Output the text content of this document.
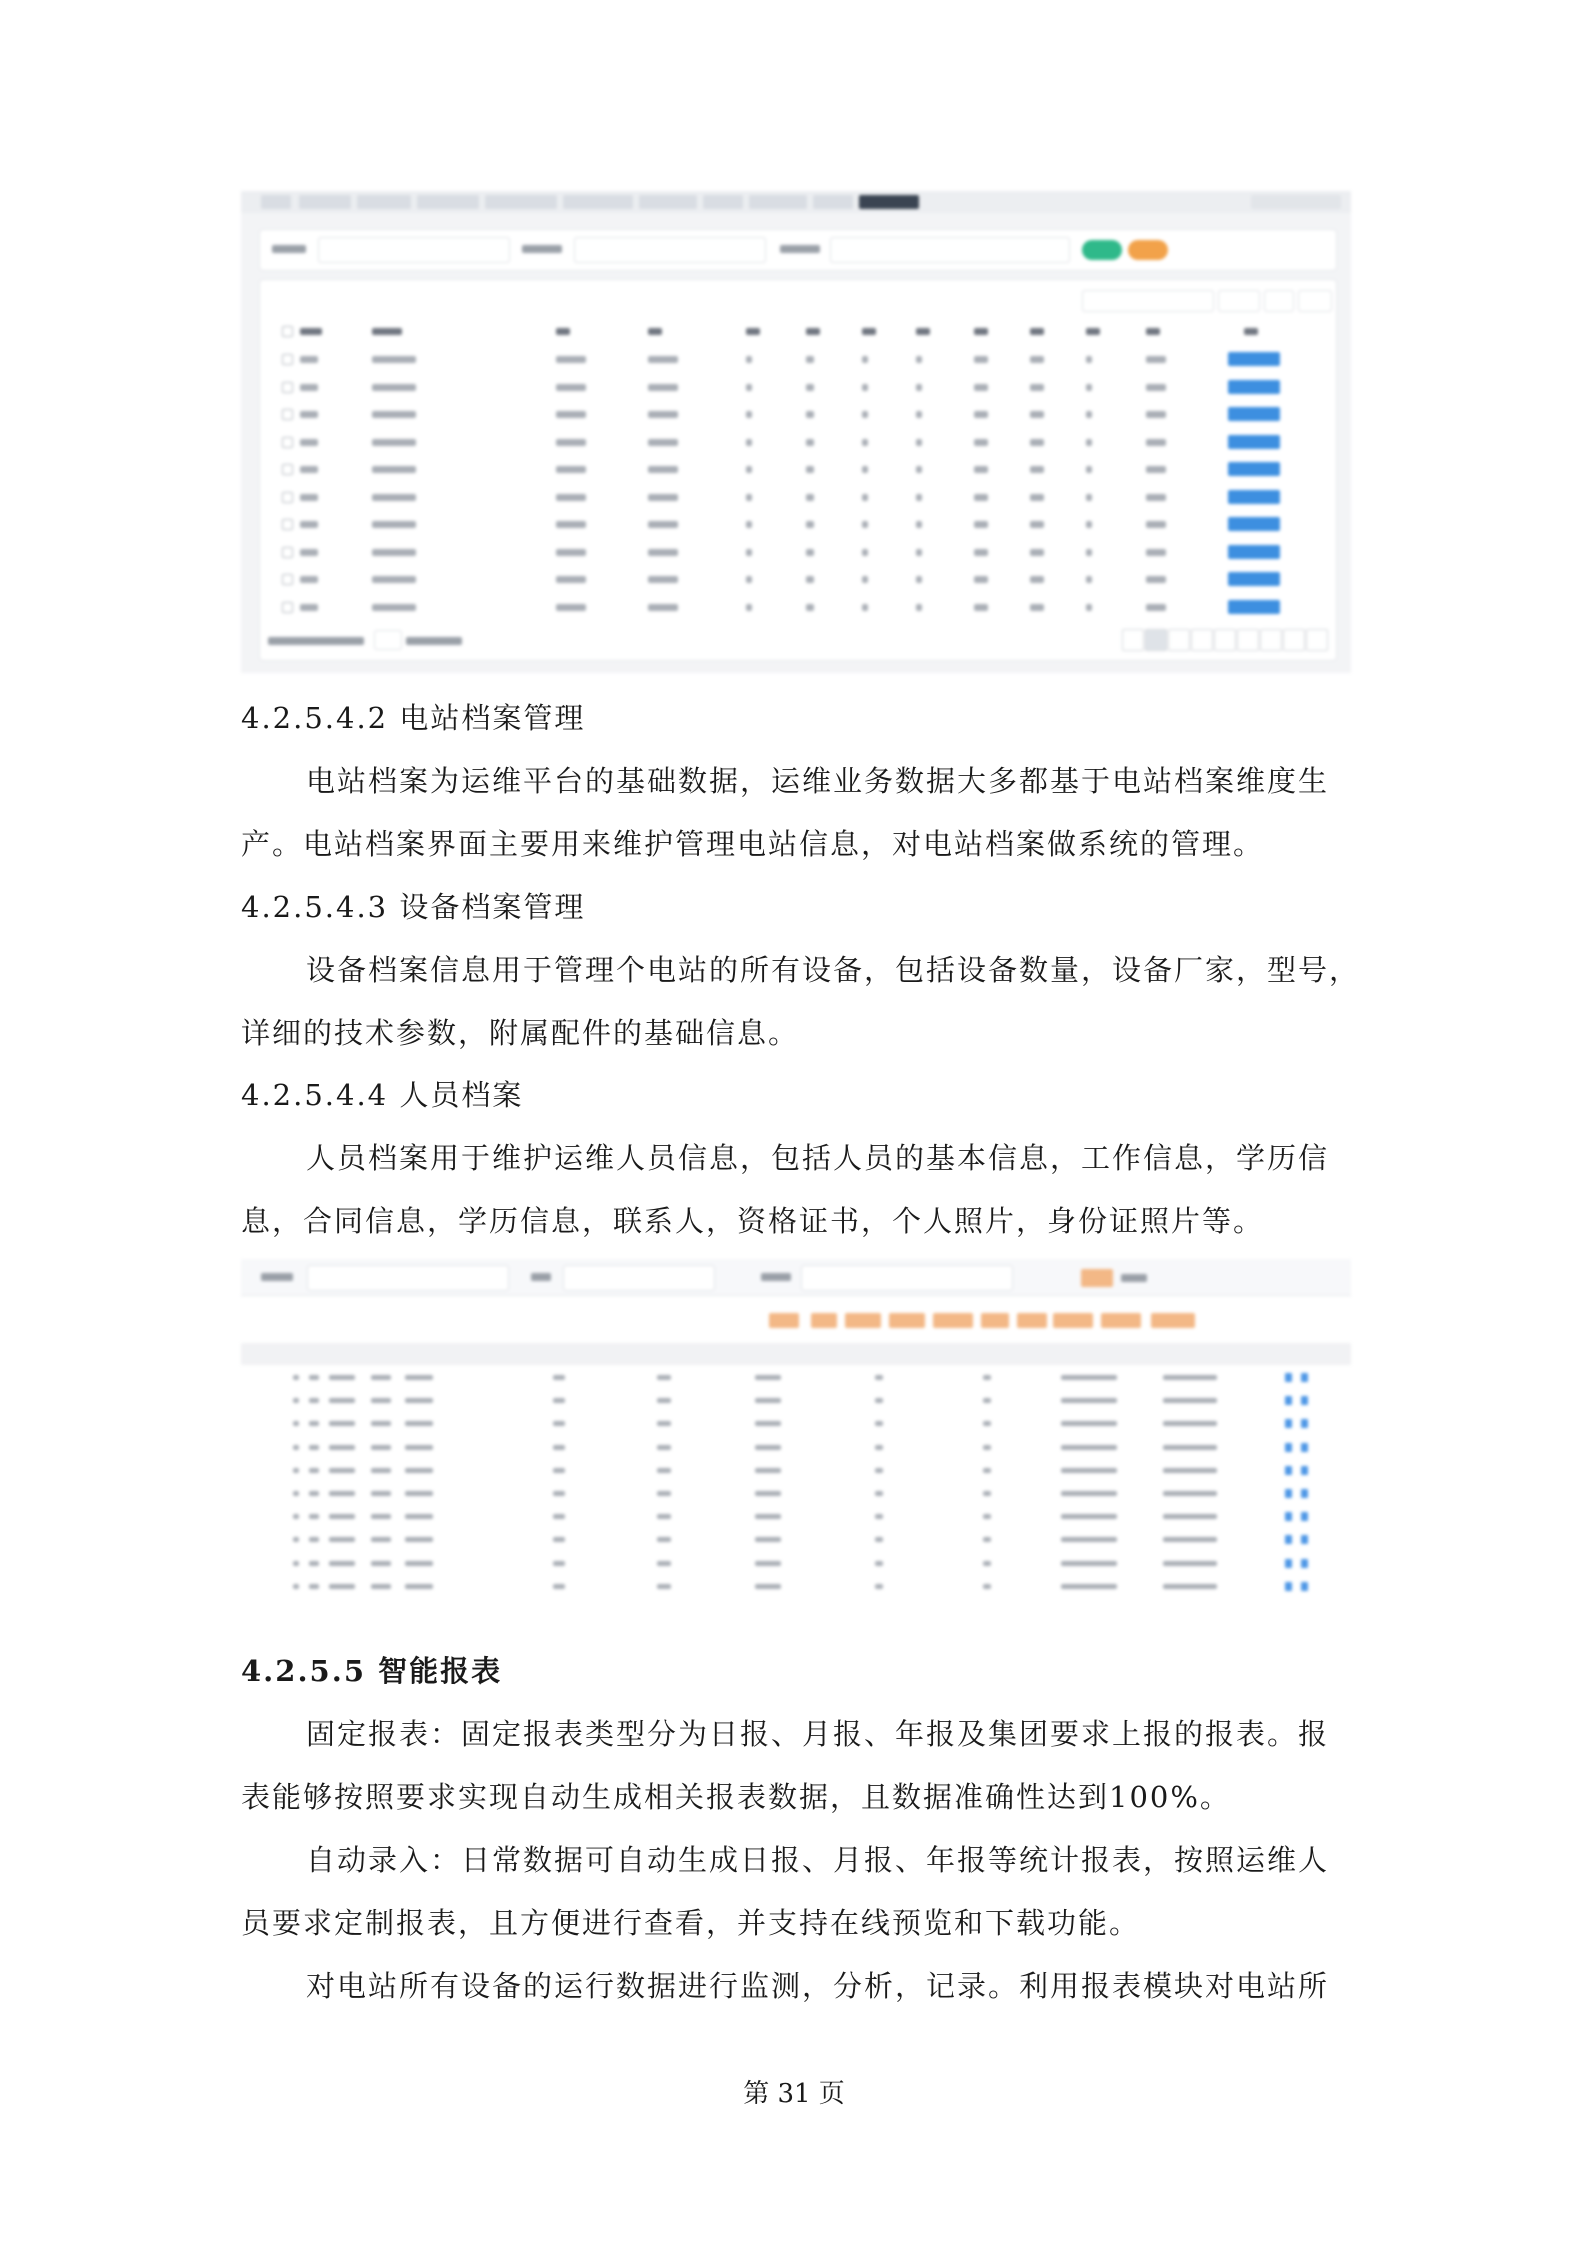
4.2.5.4.2 电站档案管理
电站档案为运维平台的基础数据，运维业务数据大多都基于电站档案维度生
产。电站档案界面主要用来维护管理电站信息，对电站档案做系统的管理。
4.2.5.4.3 设备档案管理
设备档案信息用于管理个电站的所有设备，包括设备数量，设备厂家，型号，
详细的技术参数，附属配件的基础信息。
4.2.5.4.4 人员档案
人员档案用于维护运维人员信息，包括人员的基本信息，工作信息，学历信
息，合同信息，学历信息，联系人，资格证书，个人照片，身份证照片等。
4.2.5.5 智能报表
固定报表：固定报表类型分为日报、月报、年报及集团要求上报的报表。报
表能够按照要求实现自动生成相关报表数据，且数据准确性达到100%。
自动录入：日常数据可自动生成日报、月报、年报等统计报表，按照运维人
员要求定制报表，且方便进行查看，并支持在线预览和下载功能。
对电站所有设备的运行数据进行监测，分析，记录。利用报表模块对电站所
第 31 页
